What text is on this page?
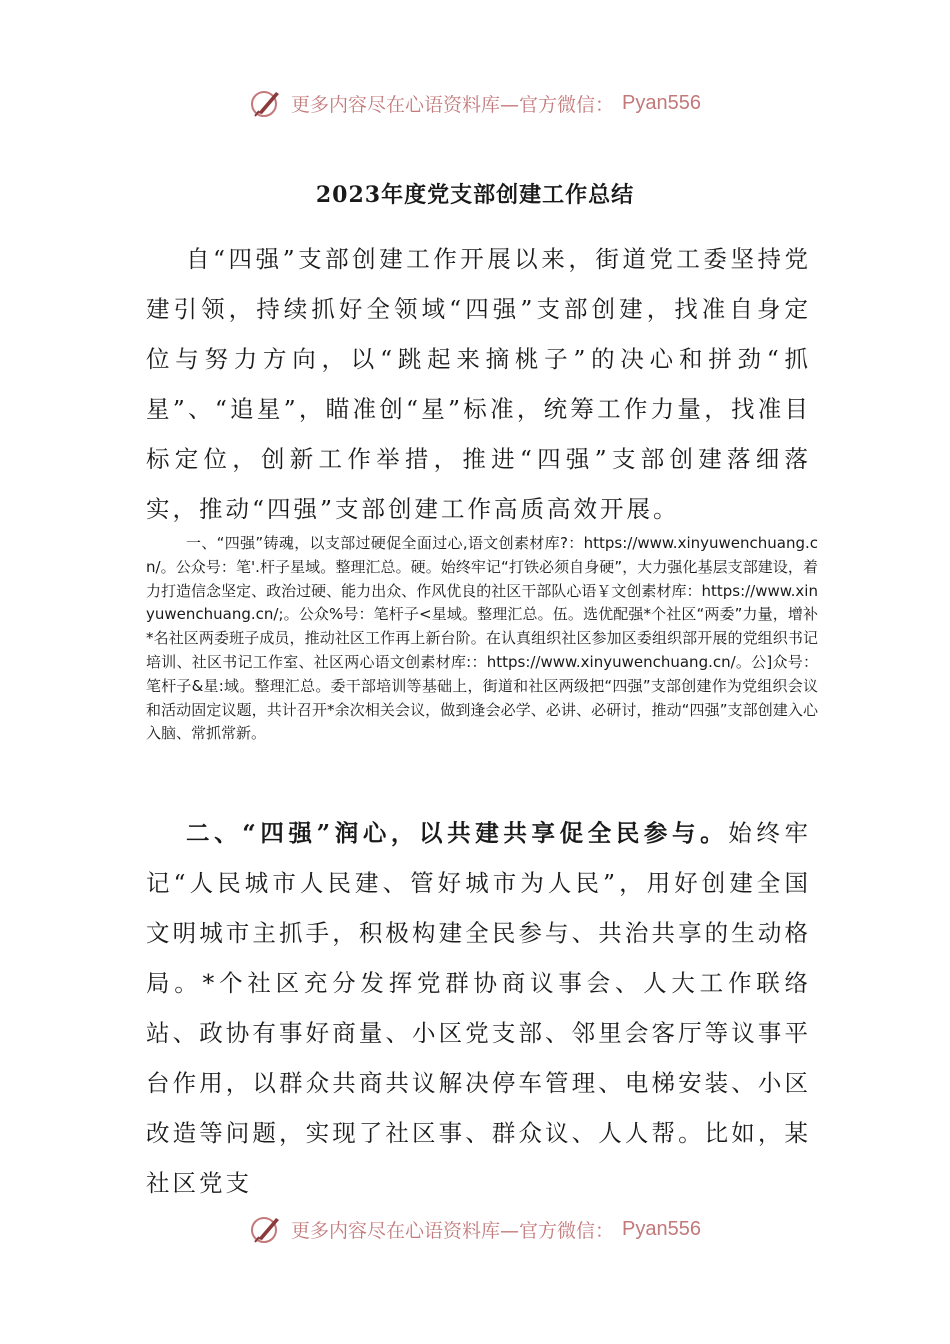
更多内容尽在心语资料库—官方微信： Pyan556
2023年度党支部创建工作总结

自“四强”支部创建工作开展以来，街道党工委坚持党建引领，持续抓好全领域“四强”支部创建，找准自身定位与努力方向，以“跳起来摘桃子”的决心和拼劲“抓星”、“追星”，瞄准创“星”标准，统筹工作力量，找准目标定位，创新工作举措，推进“四强”支部创建落细落实，推动“四强”支部创建工作高质高效开展。

一、“四强”铸魂，以支部过硬促全面过心,语文创素材库?：https://www.xinyuwenchuang.cn/。公众号：笔'.杆子星域。整理汇总。硬。始终牢记“打铁必须自身硬”，大力强化基层支部建设，着力打造信念坚定、政治过硬、能力出众、作风优良的社区干部队心语￥文创素材库：https://www.xinyuwenchuang.cn/;。公众%号：笔杆子<星域。整理汇总。伍。选优配强*个社区“两委”力量，增补*名社区两委班子成员，推动社区工作再上新台阶。在认真组织社区参加区委组织部开展的党组织书记培训、社区书记工作室、社区两心语文创素材库:：https://www.xinyuwenchuang.cn/。公]众号：笔杆子&星:域。整理汇总。委干部培训等基础上，街道和社区两级把“四强”支部创建作为党组织会议和活动固定议题，共计召开*余次相关会议，做到逢会必学、必讲、必研讨，推动“四强”支部创建入心入脑、常抓常新。

二、“四强”润心，以共建共享促全民参与。始终牢记“人民城市人民建、管好城市为人民”，用好创建全国文明城市主抓手，积极构建全民参与、共治共享的生动格局。*个社区充分发挥党群协商议事会、人大工作联络站、政协有事好商量、小区党支部、邻里会客厅等议事平台作用，以群众共商共议解决停车管理、电梯安装、小区改造等问题，实现了社区事、群众议、人人帮。比如，某社区党支

更多内容尽在心语资料库—官方微信： Pyan556
